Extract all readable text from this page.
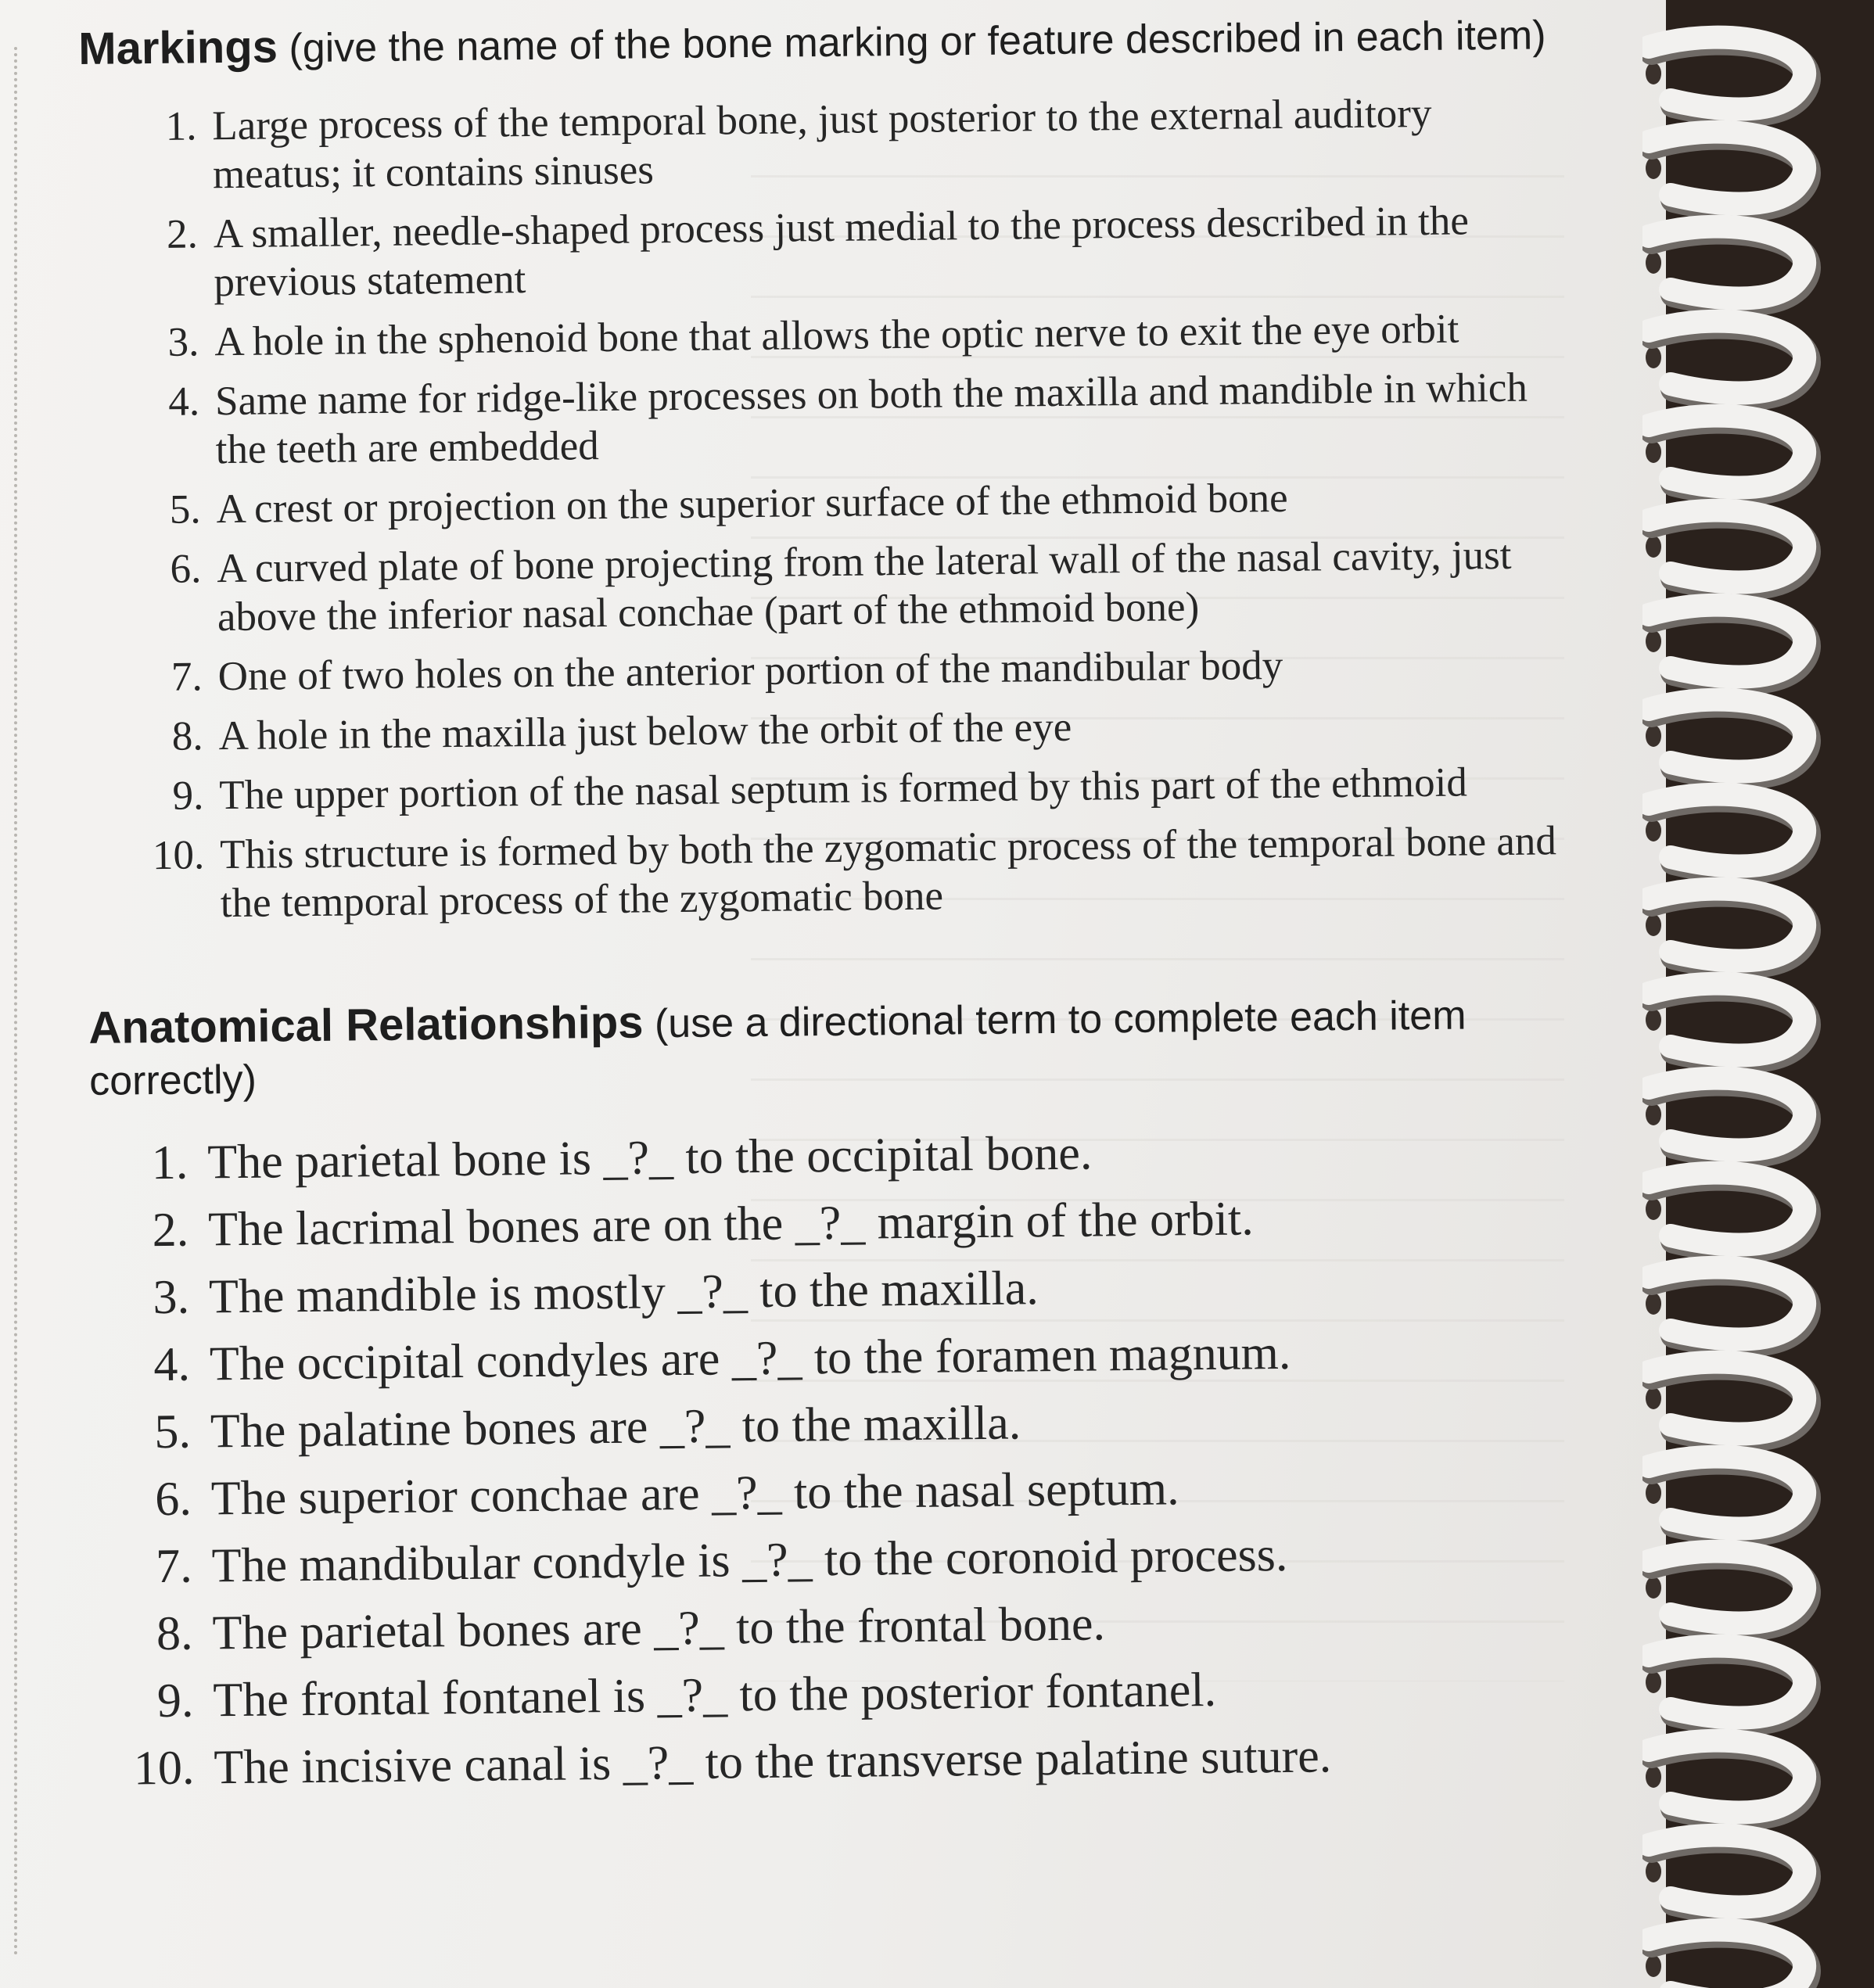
Markings (give the name of the bone marking or feature described in each item)
1. Large process of the temporal bone, just posterior to the external auditory meatus; it contains sinuses
2. A smaller, needle-shaped process just medial to the process described in the previous statement
3. A hole in the sphenoid bone that allows the optic nerve to exit the eye orbit
4. Same name for ridge-like processes on both the maxilla and mandible in which the teeth are embedded
5. A crest or projection on the superior surface of the ethmoid bone
6. A curved plate of bone projecting from the lateral wall of the nasal cavity, just above the inferior nasal conchae (part of the ethmoid bone)
7. One of two holes on the anterior portion of the mandibular body
8. A hole in the maxilla just below the orbit of the eye
9. The upper portion of the nasal septum is formed by this part of the ethmoid
10. This structure is formed by both the zygomatic process of the temporal bone and the temporal process of the zygomatic bone
Anatomical Relationships (use a directional term to complete each item correctly)
1. The parietal bone is _?_ to the occipital bone.
2. The lacrimal bones are on the _?_ margin of the orbit.
3. The mandible is mostly _?_ to the maxilla.
4. The occipital condyles are _?_ to the foramen magnum.
5. The palatine bones are _?_ to the maxilla.
6. The superior conchae are _?_ to the nasal septum.
7. The mandibular condyle is _?_ to the coronoid process.
8. The parietal bones are _?_ to the frontal bone.
9. The frontal fontanel is _?_ to the posterior fontanel.
10. The incisive canal is _?_ to the transverse palatine suture.
